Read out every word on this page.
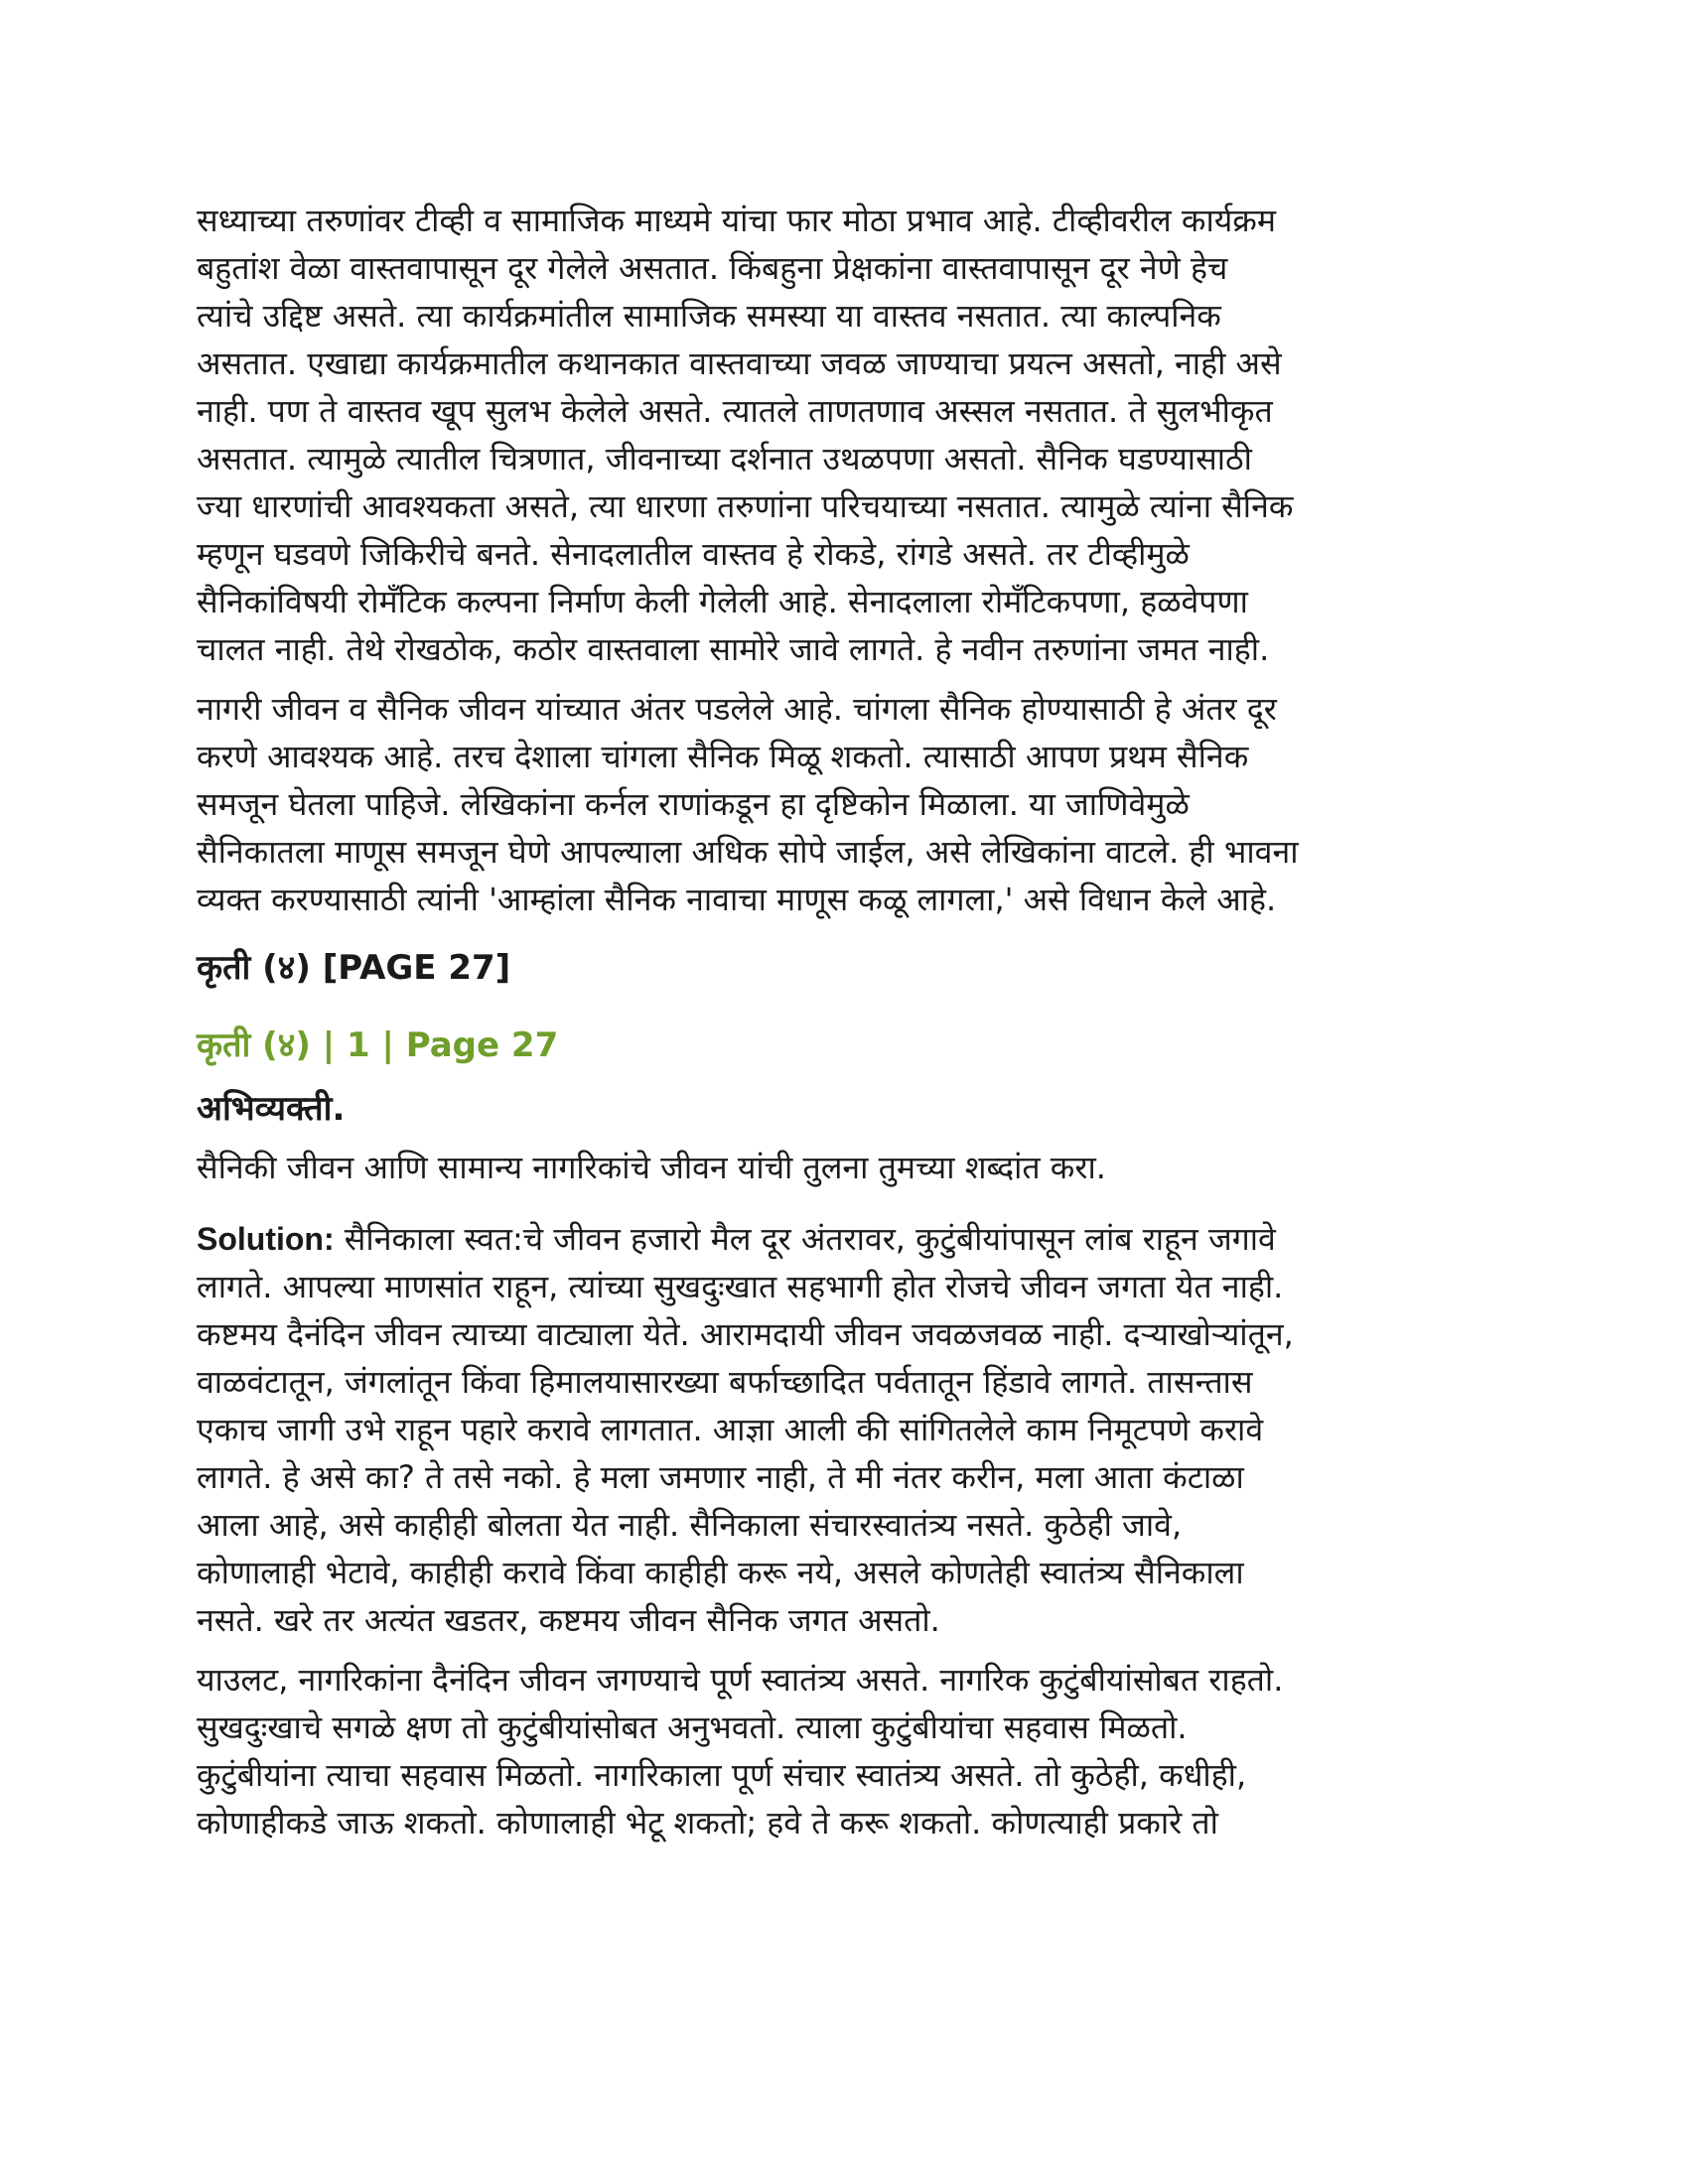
सध्याच्या तरुणांवर टीव्ही व सामाजिक माध्यमे यांचा फार मोठा प्रभाव आहे. टीव्हीवरील कार्यक्रम
बहुतांश वेळा वास्तवापासून दूर गेलेले असतात. किंबहुना प्रेक्षकांना वास्तवापासून दूर नेणे हेच
त्यांचे उद्दिष्ट असते. त्या कार्यक्रमांतील सामाजिक समस्या या वास्तव नसतात. त्या काल्पनिक
असतात. एखाद्या कार्यक्रमातील कथानकात वास्तवाच्या जवळ जाण्याचा प्रयत्न असतो, नाही असे
नाही. पण ते वास्तव खूप सुलभ केलेले असते. त्यातले ताणतणाव अस्सल नसतात. ते सुलभीकृत
असतात. त्यामुळे त्यातील चित्रणात, जीवनाच्या दर्शनात उथळपणा असतो. सैनिक घडण्यासाठी
ज्या धारणांची आवश्यकता असते, त्या धारणा तरुणांना परिचयाच्या नसतात. त्यामुळे त्यांना सैनिक
म्हणून घडवणे जिकिरीचे बनते. सेनादलातील वास्तव हे रोकडे, रांगडे असते. तर टीव्हीमुळे
सैनिकांविषयी रोमँटिक कल्पना निर्माण केली गेलेली आहे. सेनादलाला रोमँटिकपणा, हळवेपणा
चालत नाही. तेथे रोखठोक, कठोर वास्तवाला सामोरे जावे लागते. हे नवीन तरुणांना जमत नाही.

नागरी जीवन व सैनिक जीवन यांच्यात अंतर पडलेले आहे. चांगला सैनिक होण्यासाठी हे अंतर दूर
करणे आवश्यक आहे. तरच देशाला चांगला सैनिक मिळू शकतो. त्यासाठी आपण प्रथम सैनिक
समजून घेतला पाहिजे. लेखिकांना कर्नल राणांकडून हा दृष्टिकोन मिळाला. या जाणिवेमुळे
सैनिकातला माणूस समजून घेणे आपल्याला अधिक सोपे जाईल, असे लेखिकांना वाटले. ही भावना
व्यक्त करण्यासाठी त्यांनी 'आम्हांला सैनिक नावाचा माणूस कळू लागला,' असे विधान केले आहे.

कृती (४) [PAGE 27]
कृती (४) | 1 | Page 27
अभिव्यक्ती.
सैनिकी जीवन आणि सामान्य नागरिकांचे जीवन यांची तुलना तुमच्या शब्दांत करा.

Solution: सैनिकाला स्वत:चे जीवन हजारो मैल दूर अंतरावर, कुटुंबीयांपासून लांब राहून जगावे
लागते. आपल्या माणसांत राहून, त्यांच्या सुखदुःखात सहभागी होत रोजचे जीवन जगता येत नाही.
कष्टमय दैनंदिन जीवन त्याच्या वाट्याला येते. आरामदायी जीवन जवळजवळ नाही. दऱ्याखोऱ्यांतून,
वाळवंटातून, जंगलांतून किंवा हिमालयासारख्या बर्फाच्छादित पर्वतातून हिंडावे लागते. तासन्तास
एकाच जागी उभे राहून पहारे करावे लागतात. आज्ञा आली की सांगितलेले काम निमूटपणे करावे
लागते. हे असे का? ते तसे नको. हे मला जमणार नाही, ते मी नंतर करीन, मला आता कंटाळा
आला आहे, असे काहीही बोलता येत नाही. सैनिकाला संचारस्वातंत्र्य नसते. कुठेही जावे,
कोणालाही भेटावे, काहीही करावे किंवा काहीही करू नये, असले कोणतेही स्वातंत्र्य सैनिकाला
नसते. खरे तर अत्यंत खडतर, कष्टमय जीवन सैनिक जगत असतो.

याउलट, नागरिकांना दैनंदिन जीवन जगण्याचे पूर्ण स्वातंत्र्य असते. नागरिक कुटुंबीयांसोबत राहतो.
सुखदुःखाचे सगळे क्षण तो कुटुंबीयांसोबत अनुभवतो. त्याला कुटुंबीयांचा सहवास मिळतो.
कुटुंबीयांना त्याचा सहवास मिळतो. नागरिकाला पूर्ण संचार स्वातंत्र्य असते. तो कुठेही, कधीही,
कोणाहीकडे जाऊ शकतो. कोणालाही भेटू शकतो; हवे ते करू शकतो. कोणत्याही प्रकारे तो
